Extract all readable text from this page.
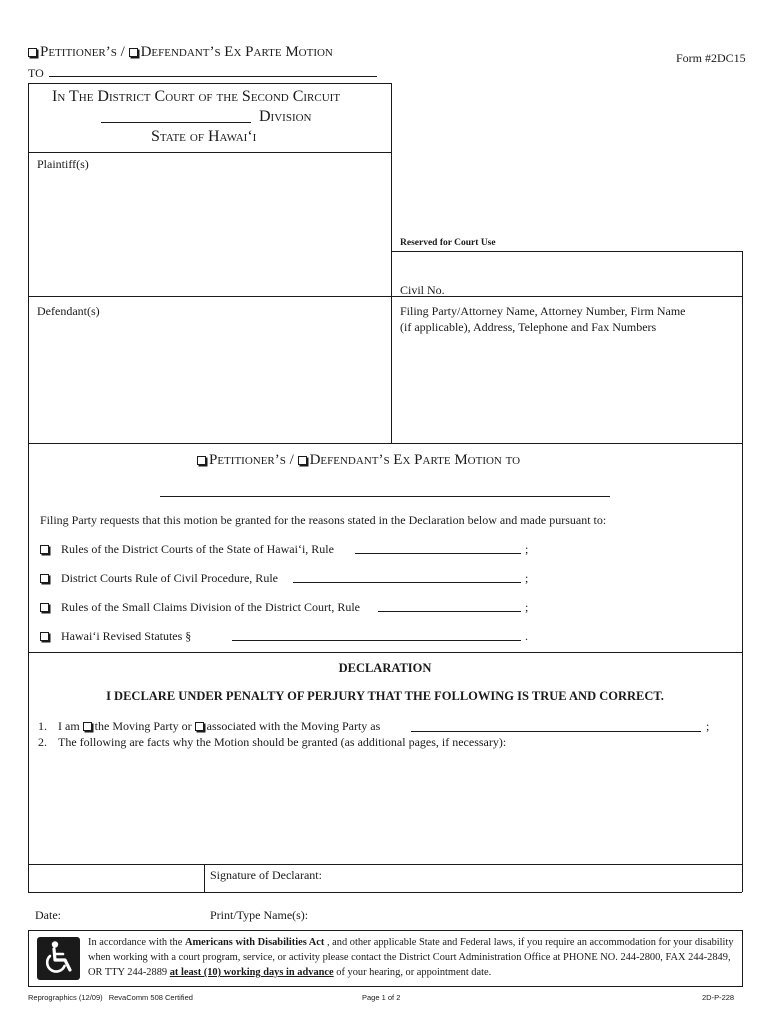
Petitioner’s / Defendant’s Ex Parte Motion
TO
Form #2DC15
In The District Court of the Second Circuit
Division
State of Hawai‘i
Plaintiff(s)
Defendant(s)
Reserved for Court Use
Civil No.
Filing Party/Attorney Name, Attorney Number, Firm Name
(if applicable), Address, Telephone and Fax Numbers
Petitioner’s / Defendant’s Ex Parte Motion to
Filing Party requests that this motion be granted for the reasons stated in the Declaration below and made pursuant to:
Rules of the District Courts of the State of Hawai‘i, Rule	;
District Courts Rule of Civil Procedure, Rule	;
Rules of the Small Claims Division of the District Court, Rule	;
Hawai‘i Revised Statutes §	.
DECLARATION
I DECLARE UNDER PENALTY OF PERJURY THAT THE FOLLOWING IS TRUE AND CORRECT.
1. I am the Moving Party or associated with the Moving Party as	;
2. The following are facts why the Motion should be granted (as additional pages, if necessary):
Signature of Declarant:
Date:	Print/Type Name(s):
In accordance with the Americans with Disabilities Act , and other applicable State and Federal laws, if you require an accommodation for your disability when working with a court program, service, or activity please contact the District Court Administration Office at PHONE NO. 244-2800, FAX 244-2849, OR TTY 244-2889 at least (10) working days in advance of your hearing, or appointment date.
Reprographics (12/09) RevaComm 508 Certified	Page 1 of 2	2D-P-228
